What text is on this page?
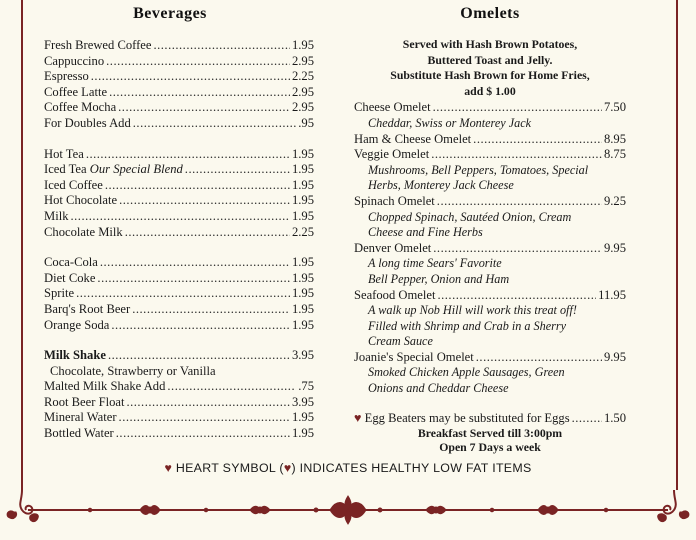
Beverages	Omelets
Fresh Brewed Coffee .....	1.95
Cappuccino .....	2.95
Espresso .....	2.25
Coffee Latte .....	2.95
Coffee Mocha .....	2.95
For Doubles Add .....	.95
Hot Tea .....	1.95
Iced Tea Our Special Blend .....	1.95
Iced Coffee .....	1.95
Hot Chocolate .....	1.95
Milk .....	1.95
Chocolate Milk .....	2.25
Coca-Cola .....	1.95
Diet Coke .....	1.95
Sprite .....	1.95
Barq's Root Beer .....	1.95
Orange Soda .....	1.95
Milk Shake .....	3.95
Chocolate, Strawberry or Vanilla
Malted Milk Shake Add .....	.75
Root Beer Float .....	3.95
Mineral Water .....	1.95
Bottled Water .....	1.95
Served with Hash Brown Potatoes,
Buttered Toast and Jelly.
Substitute Hash Brown for Home Fries,
add $ 1.00
Cheese Omelet .....	7.50
Cheddar, Swiss or Monterey Jack
Ham & Cheese Omelet .....	8.95
Veggie Omelet .....	8.75
Mushrooms, Bell Peppers, Tomatoes, Special
Herbs, Monterey Jack Cheese
Spinach Omelet .....	9.25
Chopped Spinach, Sautéed Onion, Cream
Cheese and Fine Herbs
Denver Omelet .....	9.95
A long time Sears' Favorite
Bell Pepper, Onion and Ham
Seafood Omelet .....	11.95
A walk up Nob Hill will work this treat off!
Filled with Shrimp and Crab in a Sherry
Cream Sauce
Joanie's Special Omelet .....	9.95
Smoked Chicken Apple Sausages, Green
Onions and Cheddar Cheese
♥ Egg Beaters may be substituted for Eggs .....	1.50
Breakfast Served till 3:00pm
Open 7 Days a week
♥ HEART SYMBOL (♥) INDICATES HEALTHY LOW FAT ITEMS
